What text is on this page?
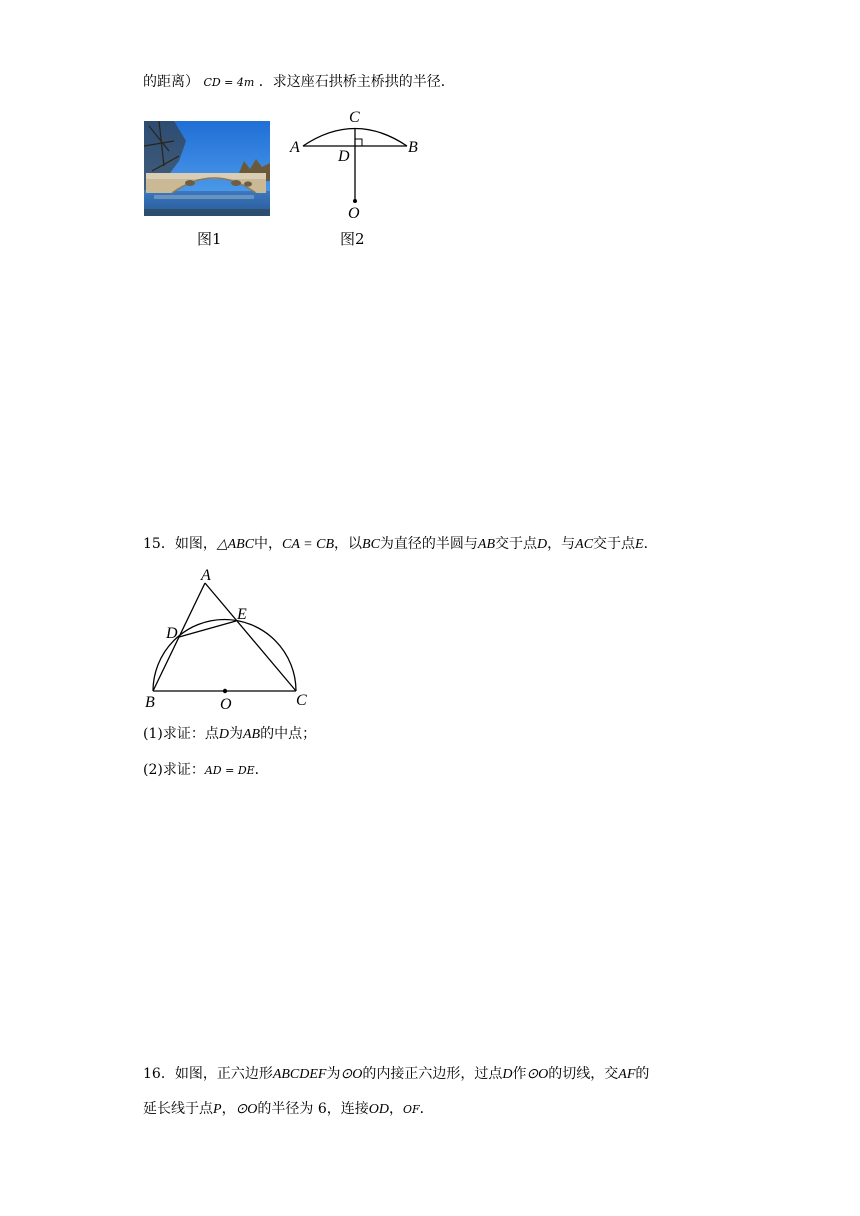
的距离） CD = 4m ．求这座石拱桥主桥拱的半径．
图1
C
A	B
D
O
图2
15．如图，△ABC中，CA = CB，以BC为直径的半圆与AB交于点D，与AC交于点E．
A
D
E
B	O	C
(1)求证：点D为AB的中点；
(2)求证：AD = DE．
16．如图，正六边形ABCDEF为⊙O的内接正六边形，过点D作⊙O的切线，交AF的
延长线于点P，⊙O的半径为 6，连接OD，OF．
